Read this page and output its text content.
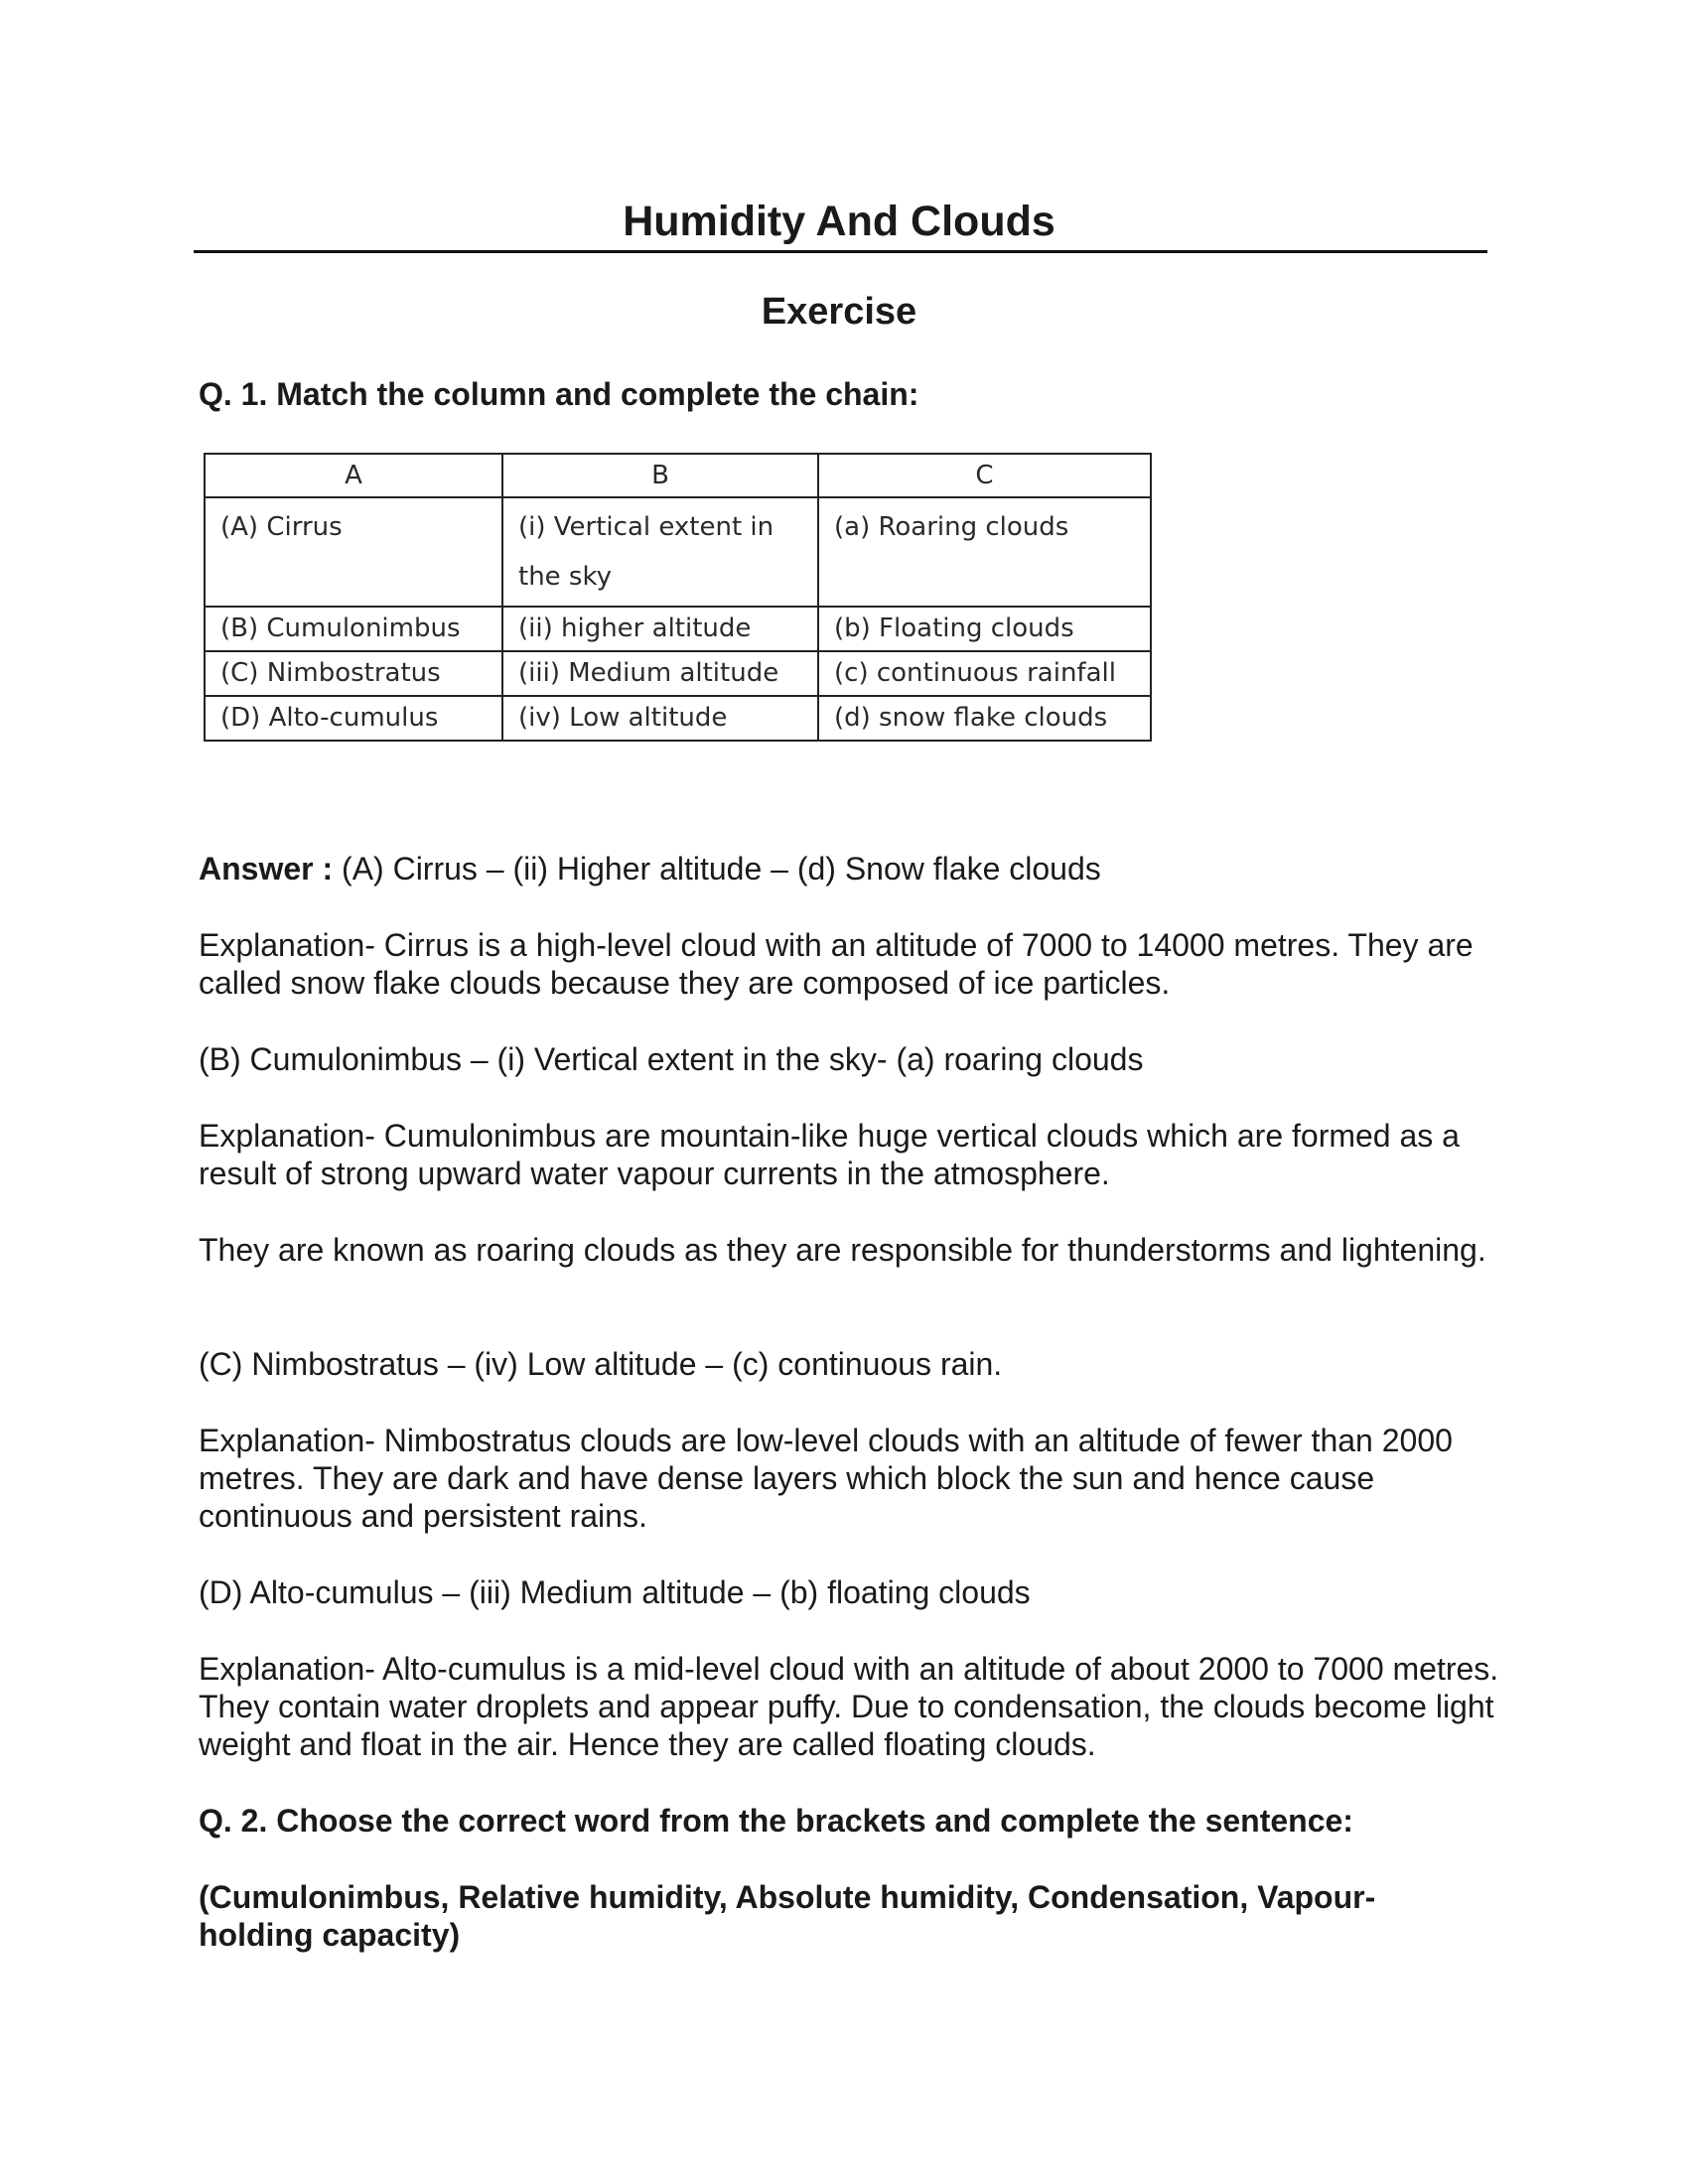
Humidity And Clouds
Exercise
Q. 1. Match the column and complete the chain:
A	B	C
(A) Cirrus	(i) Vertical extent in the sky	(a) Roaring clouds
(B) Cumulonimbus	(ii) higher altitude	(b) Floating clouds
(C) Nimbostratus	(iii) Medium altitude	(c) continuous rainfall
(D) Alto-cumulus	(iv) Low altitude	(d) snow flake clouds
Answer : (A) Cirrus – (ii) Higher altitude – (d) Snow flake clouds
Explanation- Cirrus is a high-level cloud with an altitude of 7000 to 14000 metres. They are called snow flake clouds because they are composed of ice particles.
(B) Cumulonimbus – (i) Vertical extent in the sky- (a) roaring clouds
Explanation- Cumulonimbus are mountain-like huge vertical clouds which are formed as a result of strong upward water vapour currents in the atmosphere.
They are known as roaring clouds as they are responsible for thunderstorms and lightening.
(C) Nimbostratus – (iv) Low altitude – (c) continuous rain.
Explanation- Nimbostratus clouds are low-level clouds with an altitude of fewer than 2000 metres. They are dark and have dense layers which block the sun and hence cause continuous and persistent rains.
(D) Alto-cumulus – (iii) Medium altitude – (b) floating clouds
Explanation- Alto-cumulus is a mid-level cloud with an altitude of about 2000 to 7000 metres. They contain water droplets and appear puffy. Due to condensation, the clouds become light weight and float in the air. Hence they are called floating clouds.
Q. 2. Choose the correct word from the brackets and complete the sentence:
(Cumulonimbus, Relative humidity, Absolute humidity, Condensation, Vapour-holding capacity)
